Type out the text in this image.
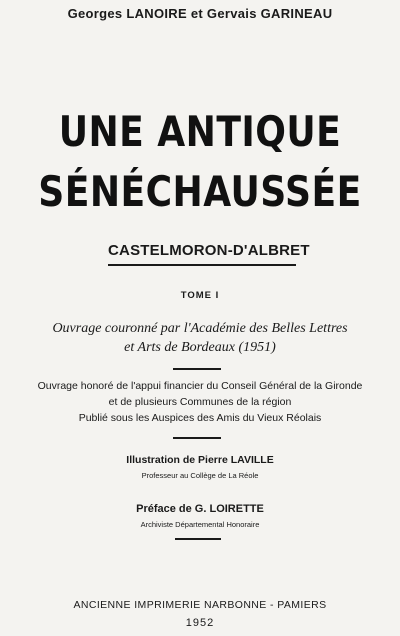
Georges LANOIRE et Gervais GARINEAU
UNE ANTIQUE
SÉNÉCHAUSSÉE
CASTELMORON-D'ALBRET
TOME I
Ouvrage couronné par l'Académie des Belles Lettres
et Arts de Bordeaux (1951)
Ouvrage honoré de l'appui financier du Conseil Général de la Gironde
et de plusieurs Communes de la région
Publié sous les Auspices des Amis du Vieux Réolais
Illustration de Pierre LAVILLE
Professeur au Collège de La Réole
Préface de G. LOIRETTE
Archiviste Départemental Honoraire
ANCIENNE IMPRIMERIE NARBONNE - PAMIERS
1952
